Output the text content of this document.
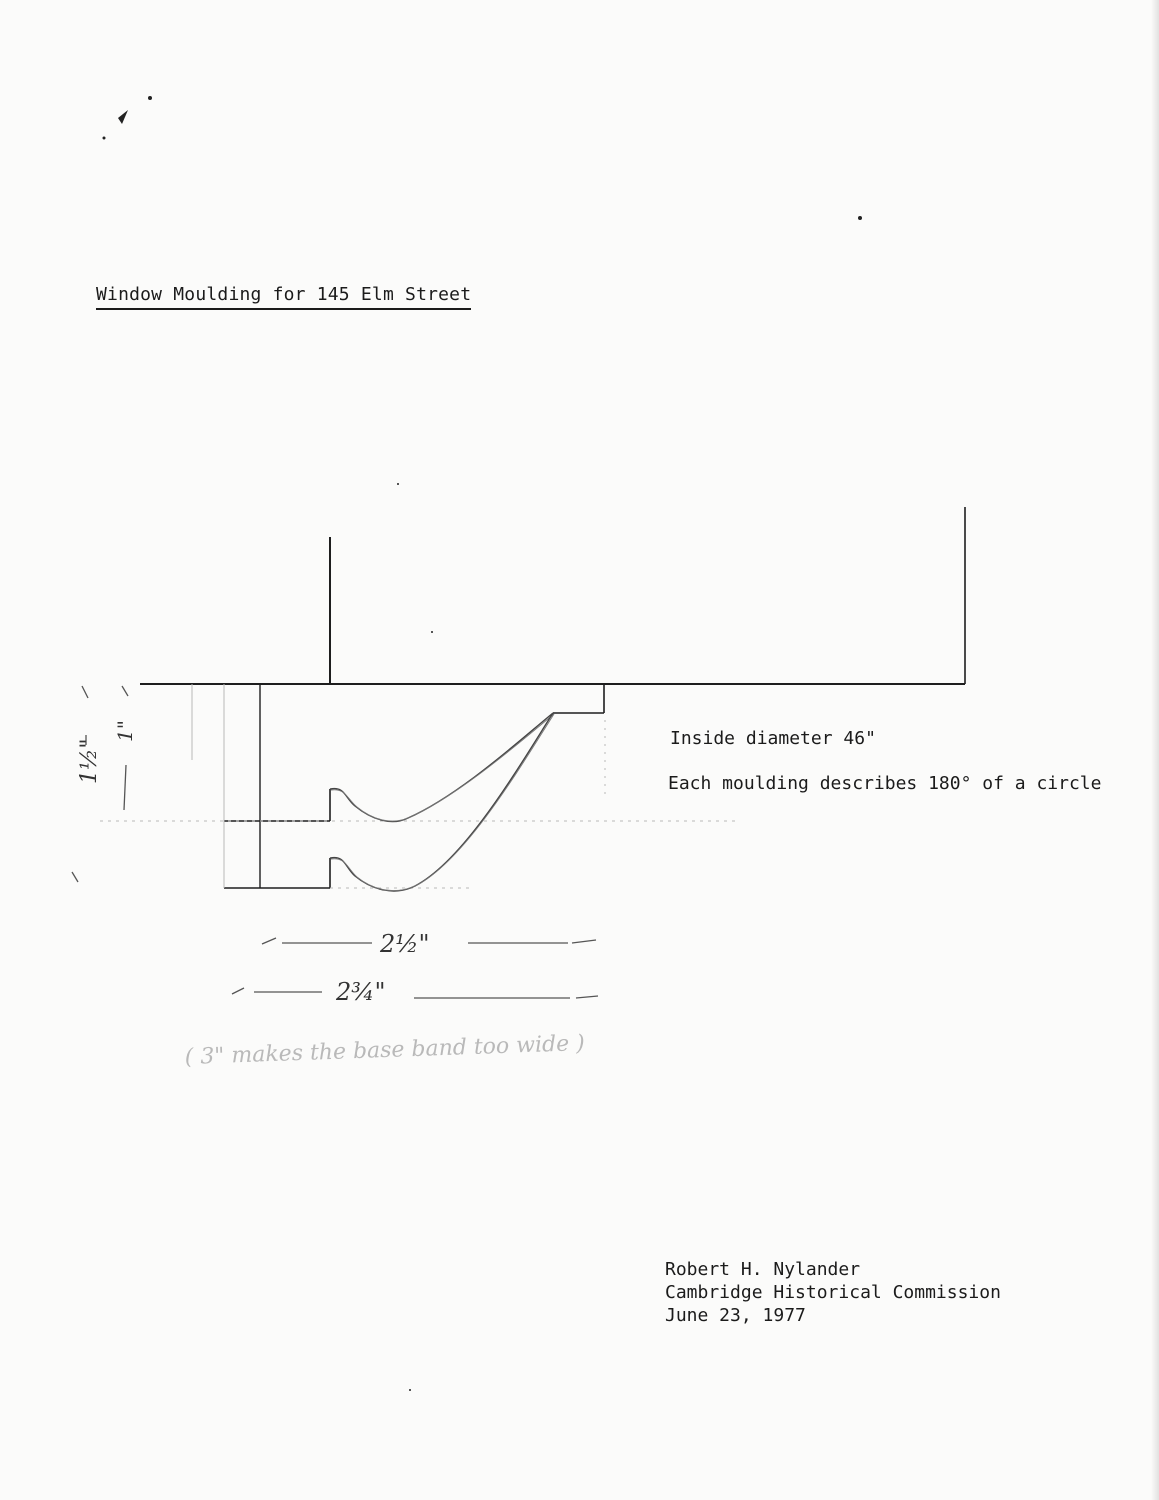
Window Moulding for 145 Elm Street
1½"
1"
2½"
2¾"
( 3" makes the base band too wide )
Inside diameter 46"
Each moulding describes 180° of a circle
Robert H. Nylander
Cambridge Historical Commission
June 23, 1977
